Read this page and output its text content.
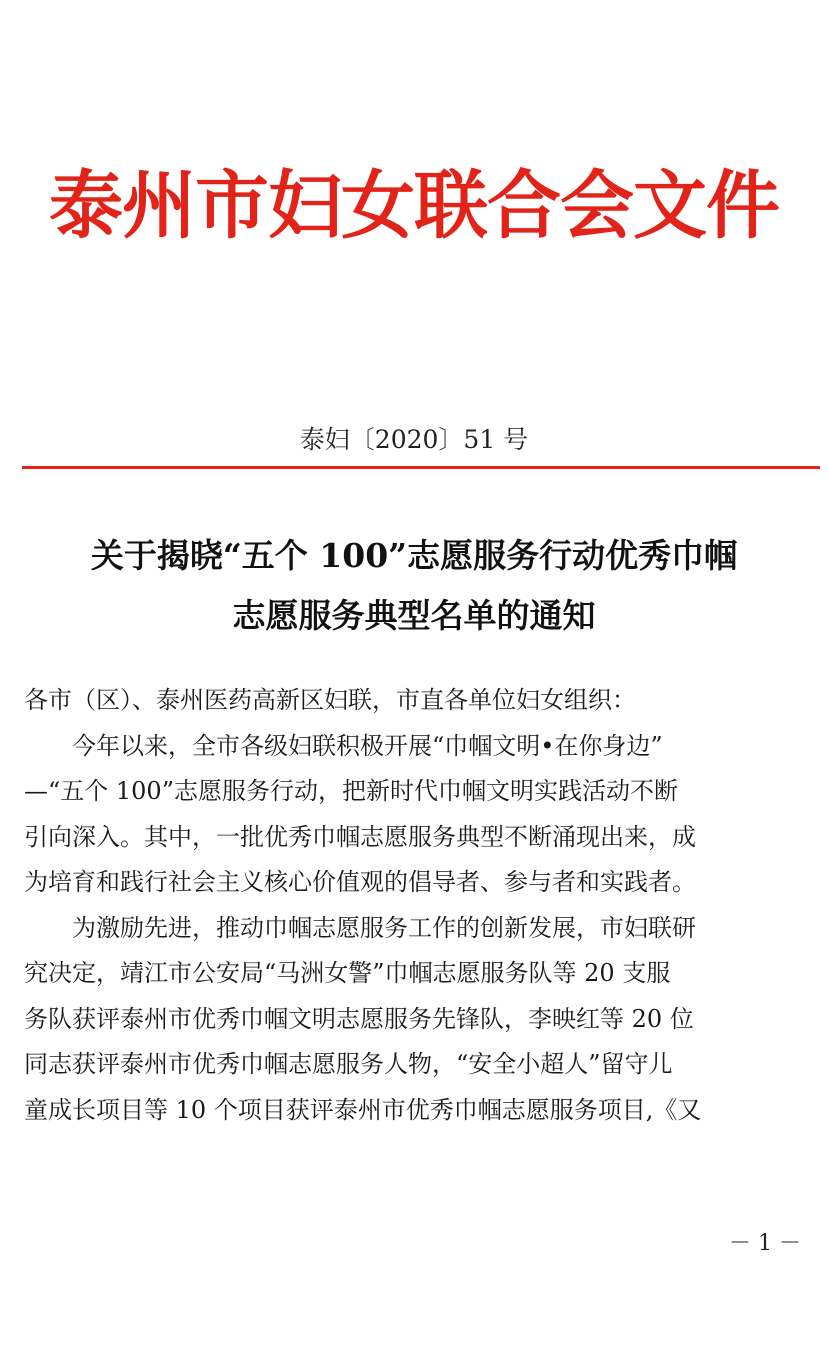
泰州市妇女联合会文件
泰妇〔2020〕51 号
关于揭晓“五个 100”志愿服务行动优秀巾帼
志愿服务典型名单的通知
各市（区）、泰州医药高新区妇联，市直各单位妇女组织：
　　今年以来，全市各级妇联积极开展“巾帼文明•在你身边”
—“五个 100”志愿服务行动，把新时代巾帼文明实践活动不断
引向深入。其中，一批优秀巾帼志愿服务典型不断涌现出来，成
为培育和践行社会主义核心价值观的倡导者、参与者和实践者。
　　为激励先进，推动巾帼志愿服务工作的创新发展，市妇联研
究决定，靖江市公安局“马洲女警”巾帼志愿服务队等 20 支服
务队获评泰州市优秀巾帼文明志愿服务先锋队，李映红等 20 位
同志获评泰州市优秀巾帼志愿服务人物，“安全小超人”留守儿
童成长项目等 10 个项目获评泰州市优秀巾帼志愿服务项目,《又
－ 1 －
